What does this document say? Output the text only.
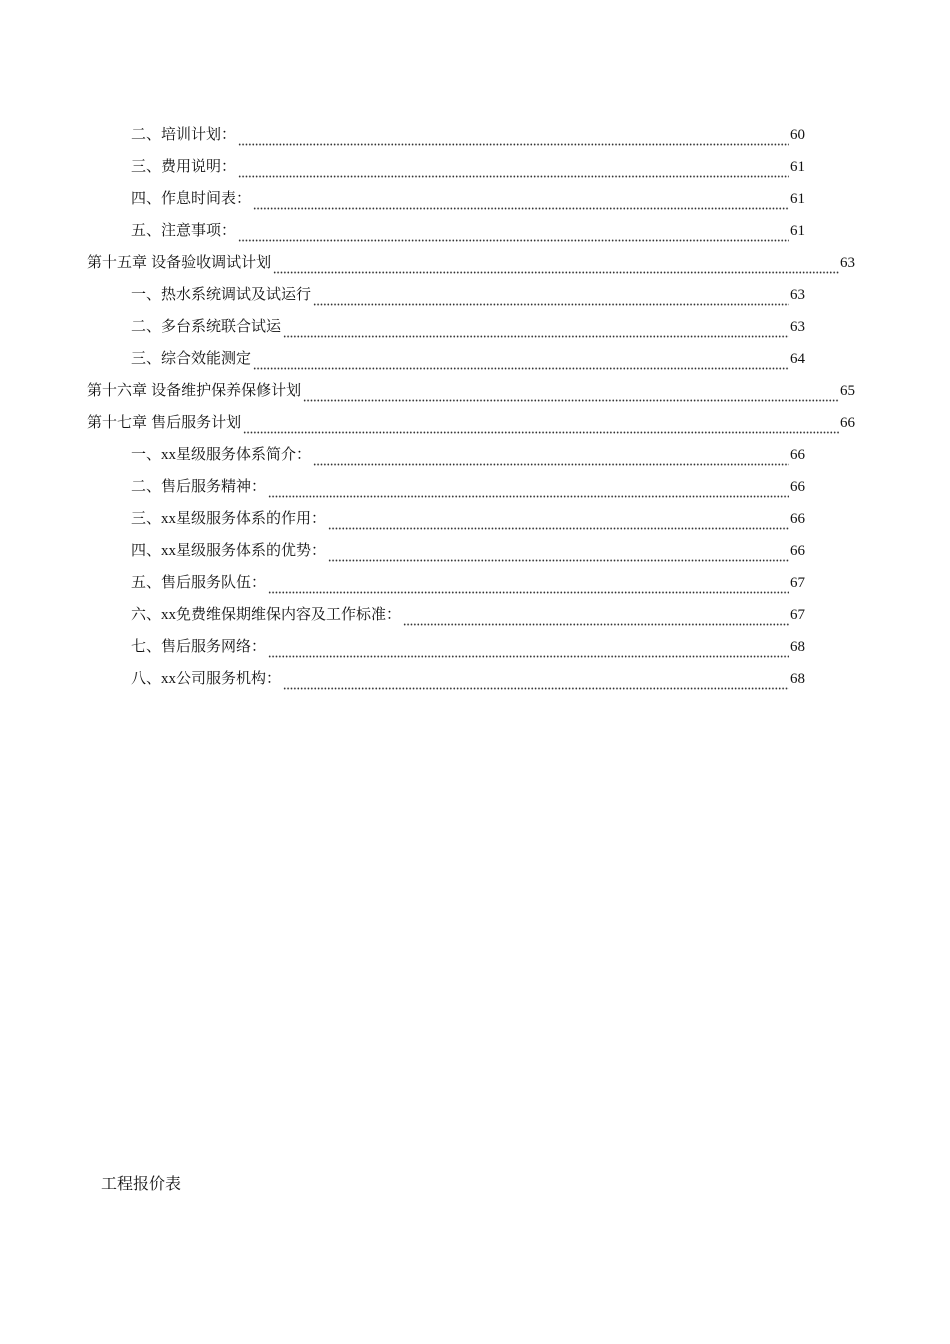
二、培训计划：	60
三、费用说明：	61
四、作息时间表：	61
五、注意事项：	61
第十五章 设备验收调试计划	63
一、热水系统调试及试运行	63
二、多台系统联合试运	63
三、综合效能测定	64
第十六章 设备维护保养保修计划	65
第十七章 售后服务计划	66
一、xx星级服务体系简介：	66
二、售后服务精神：	66
三、xx星级服务体系的作用：	66
四、xx星级服务体系的优势：	66
五、售后服务队伍：	67
六、xx免费维保期维保内容及工作标准：	67
七、售后服务网络：	68
八、xx公司服务机构：	68
工程报价表
